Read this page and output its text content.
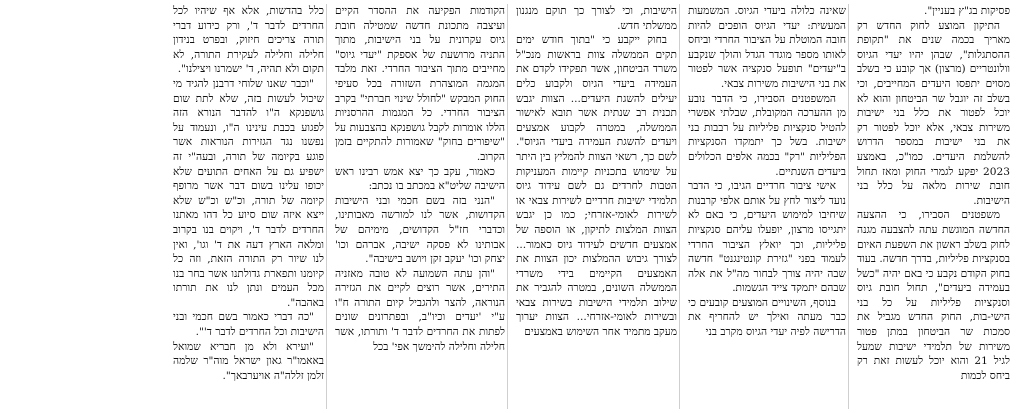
פסיקות בג"ץ בעניין".

התיקון המוצע לחוק החדש רק מאריך בכמה שנים את "תקופת ההסתגלות", שבהן יהיו יעדי הגיוס וולונטריים (מרצון) אך קובע כי בשלב מסוים יתפסו היעדים המחייבים, וכי בשלב זה יוגבל שר הביטחון והוא לא יוכל לפטור את כלל בני ישיבות משירות צבאי, אלא יוכל לפטור רק את בני ישיבות במספר הדרוש להשלמת היעדים. כמו"כ, באמצע 2023 יפקע לגמרי החוק ומאז תחול חובת שירות מלאה על כלל בני הישיבות.

משפטנים הסבירו, כי ההצעה החדשה המוגשת עתה להצבעה מגנה לחוק בשלב ראשון את השפעת האיום בסנקציות פליליות, בדרך חדשה. בעוד בחוק הקודם נקבע כי באם יהיה "כשל בעמידה ביעדים", תחול חובת גיוס וסנקציות פליליות על כל בני הישי-בות, החוק החדש מגביל את סמכות שר הביטחון במתן פטור משירות של תלמידי ישיבות שמעל לגיל 21 והוא יוכל לעשות זאת רק ביחס לכמות

שאינה כלולה ביעדי הגיוס. המשמעות המעשית: יעדי הגיוס הופכים להיות חובה המוטלת על הציבור החרדי וביחס לאותו מספר מוגדר הגדל והולך שנקבע ב"יעדים" תופעל סנקציה אשר לפטור את בני הישיבות משירות צבאי.

המשפטנים הסבירו, כי הדבר נובע מן ההערכה המקובלת, שבלתי אפשרי להטיל סנקציות פליליות על רבבות בני ישיבות. בשל כך יתמקדו הסנקציות הפליליות "רק" בכמה אלפים הכלולים ביעדים השנתיים.

אישי ציבור חרדיים הגיבו, כי הדבר נועד ליצור לחץ על אותם אלפי קרבנות שיחיבו למימוש היעדים, כי באם לא יתגייסו מרצון, יופעלו עליהם סנקציות פליליות, וכך יואלץ הציבור החרדי לעמוד בפני "גזירת קונטינגנט" חדשה שבה יהיה צורך לבחור מה"ל את אלה שבהם יתמקד צייד הגשמות.

בנוסף, השינויים המוצעים קובעים כי כבר מעתה ואילך יש להחריף את הדרישה לפיה יעדי הגיוס מקרב בני

הישיבות, וכי לצורך כך תוקם מנגנון ממשלתי חדש.

בחוק ייקבע כי "בתוך חודש ימים תקים הממשלה צוות בראשות מנכ"ל משרד הביטחון, אשר תפקידו לקדם את העמידה ביעדי הגיוס ולקבוע כלים יעילים להשגת היעדים... הצוות יגבש תכנית רב שנתית אשר תובא לאישור הממשלה, במטרה לקבוע אמצעים ויעדים להשגת העמידה ביעדי הגיוס". לשם כך, רשאי הצוות להמליץ בין היתר על שימוש בתכניות קיימות המעניקות הטבות לחרדים גם לשם עידוד גיוס תלמידי ישיבות חרדיים לשירות צבאי או לשירות לאומי-אזרחי; כמו כן יגבש הצוות המלצות לתיקון, או הוספה של אמצעים חדשים לעידוד גיוס כאמור... לצורך גיבוש ההמלצות יכון הצוות את האמצעים הקיימים בידי משרדי הממשלה השונים, במטרה להגביר את שילוב תלמידי הישיבות בשירות צבאי ובשירות לאומי-אזרחי... הצוות יערוך מעקב מתמיד אחר השימוש באמצעים

הקודמות הפקיעה את ההסדר הקיים ועיצבה מתכונת חדשה שמטילה חובת גיוס עקרונית על בני הישיבות, מתוך התניה מרושעת של אספקת "יעדי גיוס" מחייבים מתוך הציבור החרדי. זאת מלבד המגמה המוצהרת השזורה בכל סעיפי החוק המבקש "לחולל שינוי חברתי" בקרב הציבור החרדי. כל המגמות ההרסניות הללו אומרות לקבל גושפנקא בהצבעות על "שיפורים בחוק" שאמורות להתקיים בזמן הקרוב.

כאמור, עקב כך יצא אמש רבינו ראש הישיבה שליט"א במכתב בו נכתב:

"הנני בזה בשם חכמי ובני הישיבות הקדושות, אשר לנו למורשה מאבותינו, וכדברי חז"ל הקדושים, מימיהם של אבותינו לא פסקה ישיבה, אברהם וכו' יצחק וכו' יעקב זקן ויושב בישיבה".

"והן עתה השמועה לא טובה מאזניה התירים, אשר רוצים לקיים את הגזירה הנוראה, להצר ולהגביל קיום התורה ח"ו ע"י 'יעדים וכיו"ב, ובפתרונים שונים לפתות את החרדים לדבר ד' ותורתו, אשר חלילה וחלילה להימשך אפי' בכל

כלל בהדשות, אלא אף שיהיו לכל החרדים לדבר ד', ורק כידוע דברי תורה צריכים חיזוק, ובפרט בנידון חלילה וחלילה לעקירת התורה, לא תקום ולא תהיה, ד' ישמרנו ויצילנו".

"וכבר שאנו שלוחי דרבנן להגיד מי שיכול לעשות בזה, שלא לתת שום גושפנקא ה"ו להדבר הנורא הזה לפגוע בכבת עינינו ה"ו, ונעמוד על נפשנו נגד הגזירות הנוראות אשר פוגע בקיומה של תורה, ובעה"י זה ישפיע גם על האחים התועים שלא יכופו עלינו בשום דבר אשר מרופף קיומה של תורה, וכ"ש וכ"ש שלא ייצא איזה שום סיוע כל דהו מאתנו החרדים לדבר ד', ויקוים בנו בקרוב ומלאה הארץ דעה את ד' וגו', ואין לנו שיור רק התורה הזאת, וזה כל קיומנו ותפארת גדולתנו אשר בחר בנו מכל העמים ונתן לנו את תורתו באהבה".

"כה דברי כאמור בשם חכמי ובני הישיבות וכל החרדים לדבר ד'".

"ועירא ולא מן חבריא שמואל באאמו"ר גאון ישראל מוה"ר שלמה זלמן זללה"ה אויערבאך".
